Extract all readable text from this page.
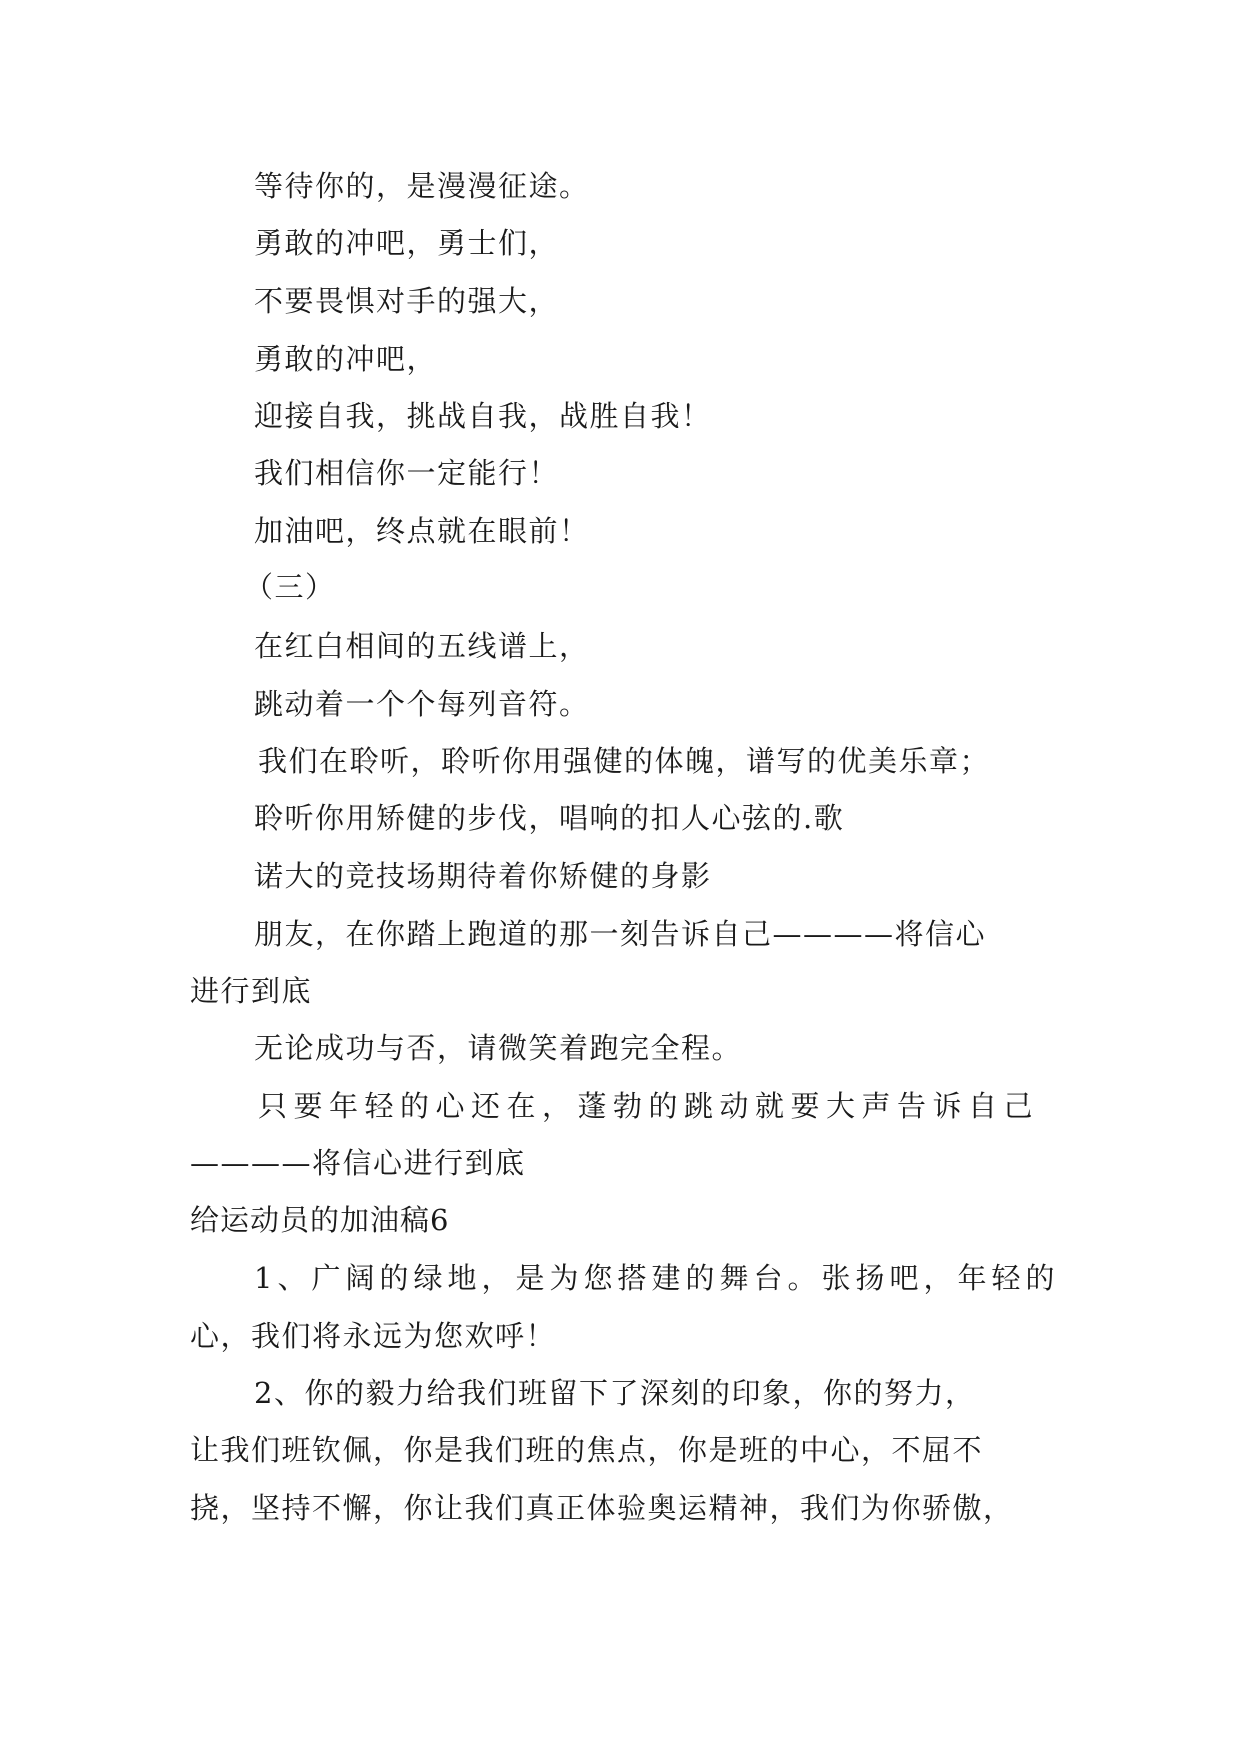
等待你的，是漫漫征途。
勇敢的冲吧，勇士们，
不要畏惧对手的强大，
勇敢的冲吧，
迎接自我，挑战自我，战胜自我！
我们相信你一定能行！
加油吧，终点就在眼前！
（三）
在红白相间的五线谱上，
跳动着一个个每列音符。
我们在聆听，聆听你用强健的体魄，谱写的优美乐章；
聆听你用矫健的步伐，唱响的扣人心弦的.歌
诺大的竞技场期待着你矫健的身影
朋友，在你踏上跑道的那一刻告诉自己————将信心
进行到底
无论成功与否，请微笑着跑完全程。
只要年轻的心还在，蓬勃的跳动就要大声告诉自己
————将信心进行到底
给运动员的加油稿6
1、广阔的绿地，是为您搭建的舞台。张扬吧，年轻的
心，我们将永远为您欢呼！
2、你的毅力给我们班留下了深刻的印象，你的努力，
让我们班钦佩，你是我们班的焦点，你是班的中心，不屈不
挠，坚持不懈，你让我们真正体验奥运精神，我们为你骄傲，
